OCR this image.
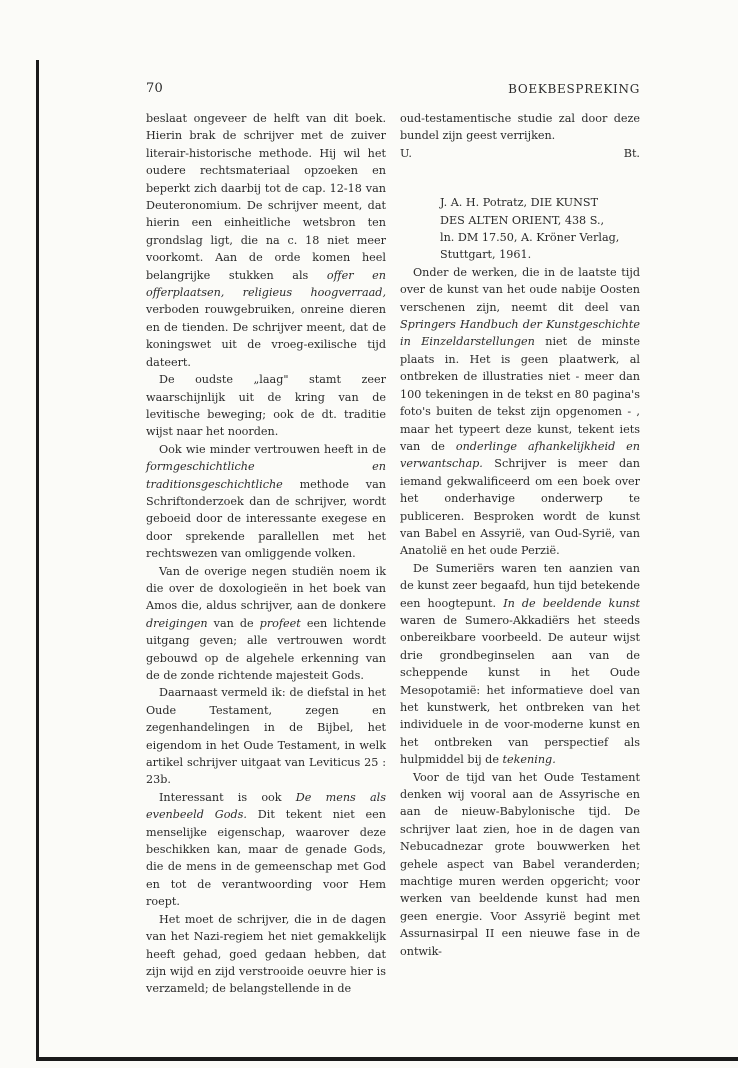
70	BOEKBESPREKING

beslaat ongeveer de helft van dit boek. Hierin brak de schrijver met de zuiver literair-historische methode. Hij wil het oudere rechtsmateriaal opzoeken en beperkt zich daarbij tot de cap. 12-18 van Deuteronomium. De schrijver meent, dat hierin een einheitliche wetsbron ten grondslag ligt, die na c. 18 niet meer voorkomt. Aan de orde komen heel belangrijke stukken als offer en offerplaatsen, religieus hoogverraad, verboden rouwgebruiken, onreine dieren en de tienden. De schrijver meent, dat de koningswet uit de vroeg-exilische tijd dateert.

De oudste „laag" stamt zeer waarschijnlijk uit de kring van de levitische beweging; ook de dt. traditie wijst naar het noorden.

Ook wie minder vertrouwen heeft in de formgeschichtliche en traditionsgeschichtliche methode van Schriftonderzoek dan de schrijver, wordt geboeid door de interessante exegese en door sprekende parallellen met het rechtswezen van omliggende volken.

Van de overige negen studiën noem ik die over de doxologieën in het boek van Amos die, aldus schrijver, aan de donkere dreigingen van de profeet een lichtende uitgang geven; alle vertrouwen wordt gebouwd op de algehele erkenning van de de zonde richtende majesteit Gods.

Daarnaast vermeld ik: de diefstal in het Oude Testament, zegen en zegenhandelingen in de Bijbel, het eigendom in het Oude Testament, in welk artikel schrijver uitgaat van Leviticus 25 : 23b.

Interessant is ook De mens als evenbeeld Gods. Dit tekent niet een menselijke eigenschap, waarover deze beschikken kan, maar de genade Gods, die de mens in de gemeenschap met God en tot de verantwoording voor Hem roept.

Het moet de schrijver, die in de dagen van het Nazi-regiem het niet gemakkelijk heeft gehad, goed gedaan hebben, dat zijn wijd en zijd verstrooide oeuvre hier is verzameld; de belangstellende in de

oud-testamentische studie zal door deze bundel zijn geest verrijken.

U.	Bt.
J. A. H. Potratz, DIE KUNST
DES ALTEN ORIENT, 438 S.,
ln. DM 17.50, A. Kröner Verlag,
Stuttgart, 1961.

Onder de werken, die in de laatste tijd over de kunst van het oude nabije Oosten verschenen zijn, neemt dit deel van Springers Handbuch der Kunstgeschichte in Einzeldarstellungen niet de minste plaats in. Het is geen plaatwerk, al ontbreken de illustraties niet - meer dan 100 tekeningen in de tekst en 80 pagina's foto's buiten de tekst zijn opgenomen - , maar het typeert deze kunst, tekent iets van de onderlinge afhankelijkheid en verwantschap. Schrijver is meer dan iemand gekwalificeerd om een boek over het onderhavige onderwerp te publiceren. Besproken wordt de kunst van Babel en Assyrië, van Oud-Syrië, van Anatolië en het oude Perzië.

De Sumeriërs waren ten aanzien van de kunst zeer begaafd, hun tijd betekende een hoogtepunt. In de beeldende kunst waren de Sumero-Akkadiërs het steeds onbereikbare voorbeeld. De auteur wijst drie grondbeginselen aan van de scheppende kunst in het Oude Mesopotamië: het informatieve doel van het kunstwerk, het ontbreken van het individuele in de voor-moderne kunst en het ontbreken van perspectief als hulpmiddel bij de tekening.

Voor de tijd van het Oude Testament denken wij vooral aan de Assyrische en aan de nieuw-Babylonische tijd. De schrijver laat zien, hoe in de dagen van Nebucadnezar grote bouwwerken het gehele aspect van Babel veranderden; machtige muren werden opgericht; voor werken van beeldende kunst had men geen energie. Voor Assyrië begint met Assurnasirpal II een nieuwe fase in de ontwik-
